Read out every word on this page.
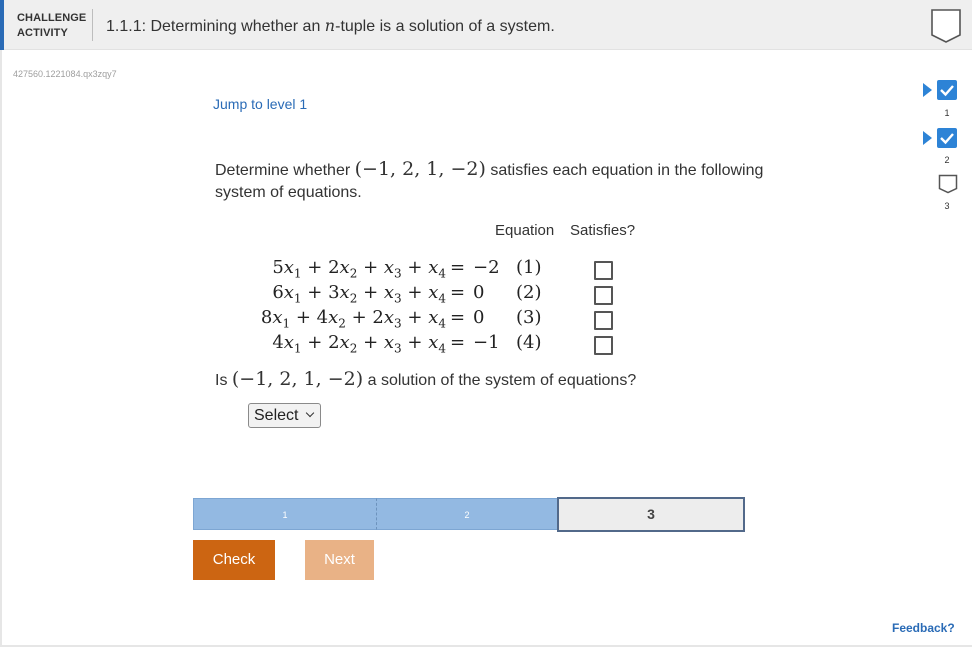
CHALLENGE ACTIVITY	1.1.1: Determining whether an n-tuple is a solution of a system.
427560.1221084.qx3zqy7
1
2
3
Jump to level 1
Determine whether (−1, 2, 1, −2) satisfies each equation in the following system of equations.
Equation Satisfies?
$5x_1 + 2x_2 + x_3 + x_4 = -2$ (1)
$6x_1 + 3x_2 + x_3 + x_4 = 0$ (2)
$8x_1 + 4x_2 + 2x_3 + x_4 = 0$ (3)
$4x_1 + 2x_2 + x_3 + x_4 = -1$ (4)
Is (−1, 2, 1, −2) a solution of the system of equations?
Select
1	2	3
Check	Next
Feedback?
